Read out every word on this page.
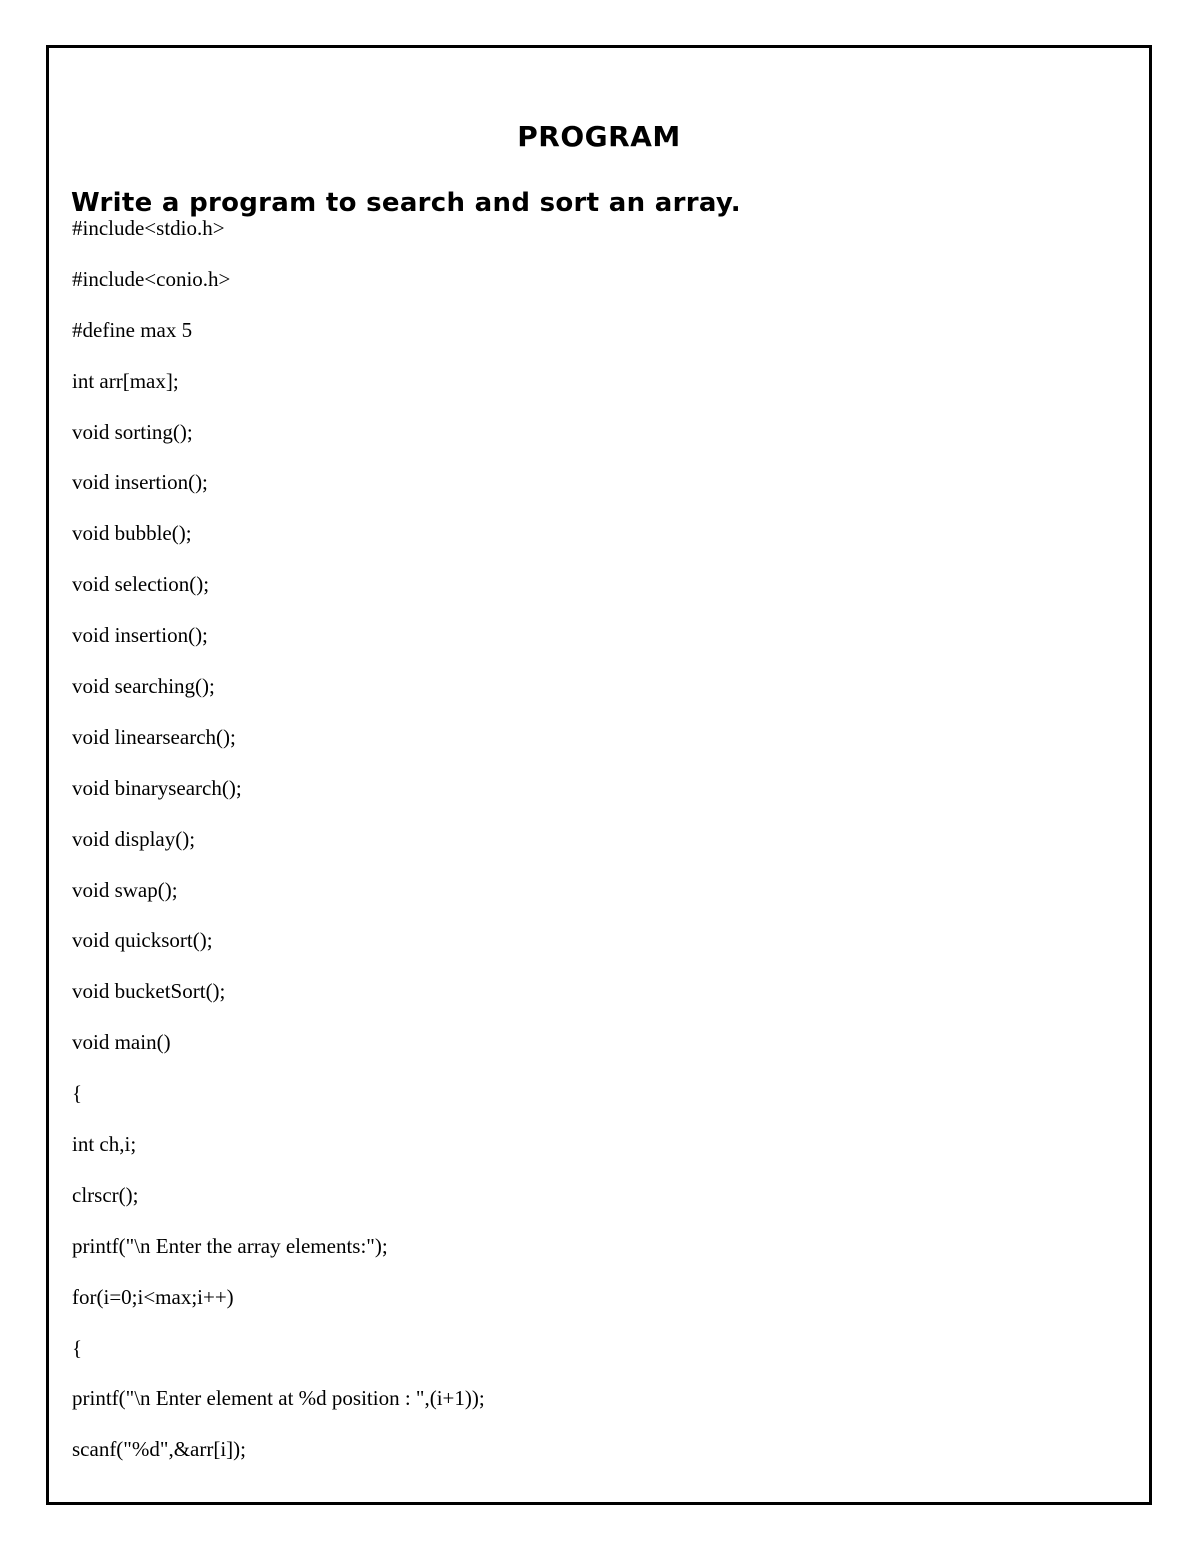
PROGRAM
Write a program to search and sort an array.
#include<stdio.h>
#include<conio.h>
#define max 5
int arr[max];
void sorting();
void insertion();
void bubble();
void selection();
void insertion();
void searching();
void linearsearch();
void binarysearch();
void display();
void swap();
void quicksort();
void bucketSort();
void main()
{
int ch,i;
clrscr();
printf("\n Enter the array elements:");
for(i=0;i<max;i++)
{
printf("\n Enter element at %d position : ",(i+1));
scanf("%d",&arr[i]);
